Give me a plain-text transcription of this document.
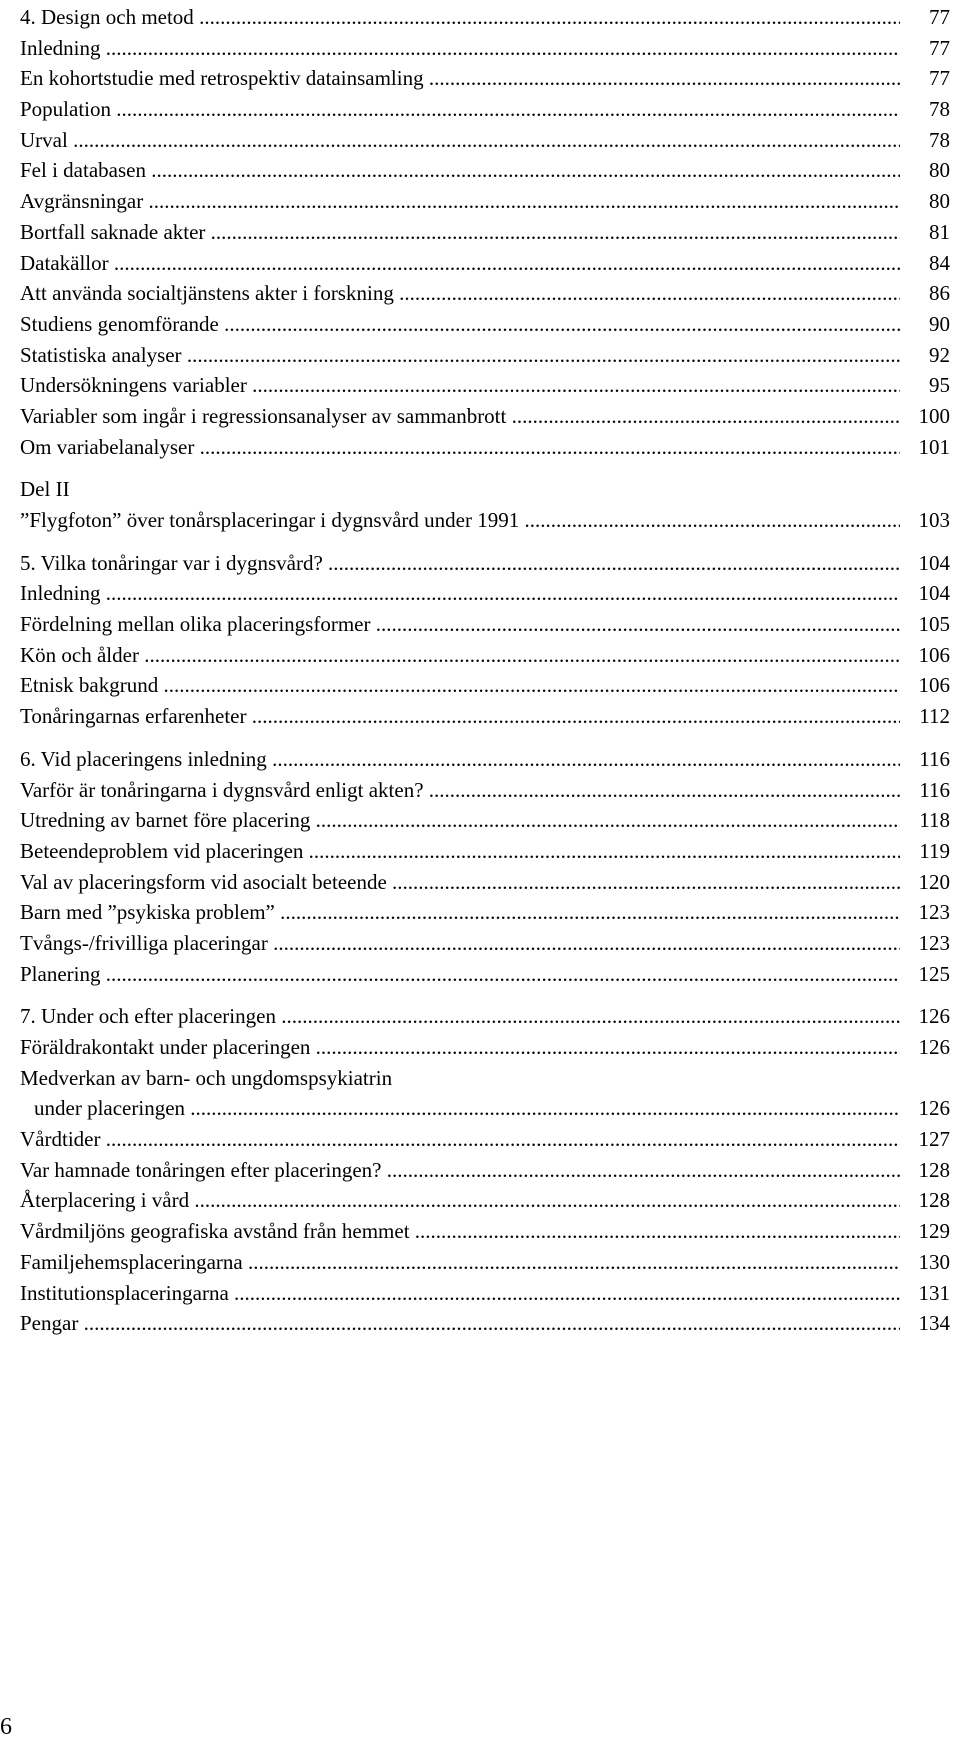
4. Design och metod .....	77
Inledning .....	77
En kohortstudie med retrospektiv datainsamling .....	77
Population .....	78
Urval .....	78
Fel i databasen .....	80
Avgränsningar .....	80
Bortfall saknade akter .....	81
Datakällor .....	84
Att använda socialtjänstens akter i forskning .....	86
Studiens genomförande .....	90
Statistiska analyser .....	92
Undersökningens variabler .....	95
Variabler som ingår i regressionsanalyser av sammanbrott .....	100
Om variabelanalyser .....	101
Del II
”Flygfoton” över tonårsplaceringar i dygnsvård under 1991 .....	103
5. Vilka tonåringar var i dygnsvård? .....	104
Inledning .....	104
Fördelning mellan olika placeringsformer .....	105
Kön och ålder .....	106
Etnisk bakgrund .....	106
Tonåringarnas erfarenheter .....	112
6. Vid placeringens inledning .....	116
Varför är tonåringarna i dygnsvård enligt akten? .....	116
Utredning av barnet före placering .....	118
Beteendeproblem vid placeringen .....	119
Val av placeringsform vid asocialt beteende .....	120
Barn med ”psykiska problem” .....	123
Tvångs-/frivilliga placeringar .....	123
Planering .....	125
7. Under och efter placeringen .....	126
Föräldrakontakt under placeringen .....	126
Medverkan av barn- och ungdomspsykiatrin
under placeringen .....	126
Vårdtider .....	127
Var hamnade tonåringen efter placeringen? .....	128
Återplacering i vård .....	128
Vårdmiljöns geografiska avstånd från hemmet .....	129
Familjehemsplaceringarna .....	130
Institutionsplaceringarna .....	131
Pengar .....	134
6
